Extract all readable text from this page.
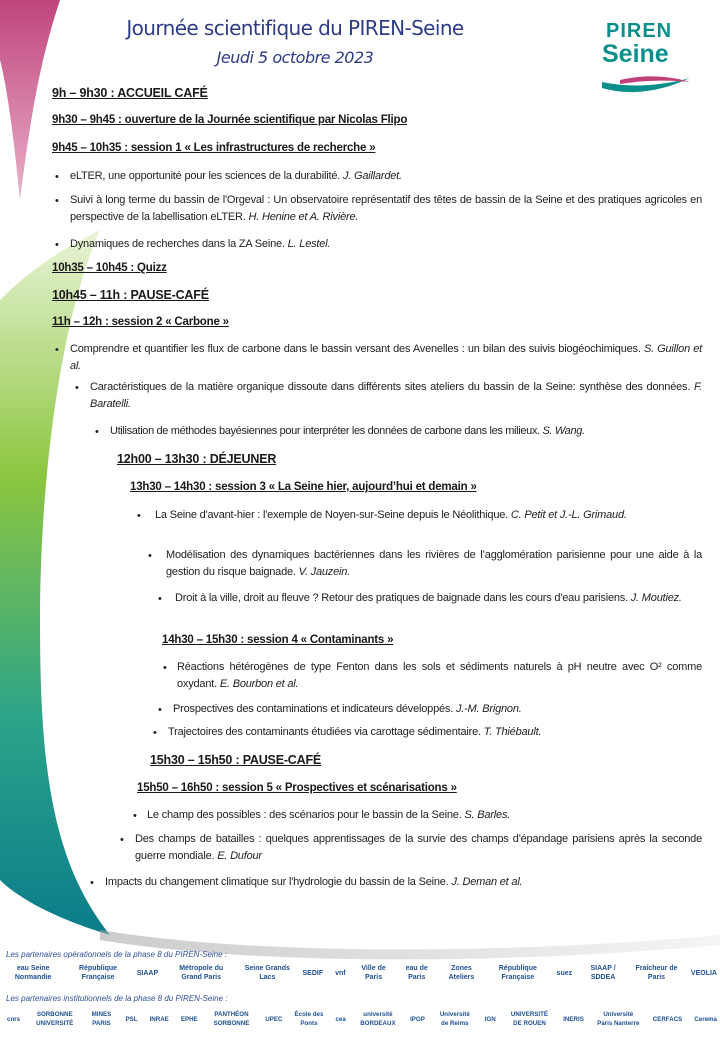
Journée scientifique du PIREN-Seine
Jeudi 5 octobre 2023
PIREN
Seine
9h – 9h30 : ACCUEIL CAFÉ
9h30 – 9h45 : ouverture de la Journée scientifique par Nicolas Flipo
9h45 – 10h35 : session 1 « Les infrastructures de recherche »
• eLTER, une opportunité pour les sciences de la durabilité. J. Gaillardet.
• Suivi à long terme du bassin de l'Orgeval : Un observatoire représentatif des têtes de bassin de la Seine et des pratiques agricoles en perspective de la labellisation eLTER. H. Henine et A. Rivière.
• Dynamiques de recherches dans la ZA Seine. L. Lestel.
10h35 – 10h45 : Quizz
10h45 – 11h : PAUSE-CAFÉ
11h – 12h : session 2 « Carbone »
• Comprendre et quantifier les flux de carbone dans le bassin versant des Avenelles : un bilan des suivis biogéochimiques. S. Guillon et al.
• Caractéristiques de la matière organique dissoute dans différents sites ateliers du bassin de la Seine: synthèse des données. F. Baratelli.
• Utilisation de méthodes bayésiennes pour interpréter les données de carbone dans les milieux. S. Wang.
12h00 – 13h30 : DÉJEUNER
13h30 – 14h30 : session 3 « La Seine hier, aujourd’hui et demain »
• La Seine d'avant-hier : l'exemple de Noyen-sur-Seine depuis le Néolithique. C. Petit et J.-L. Grimaud.
• Modélisation des dynamiques bactériennes dans les rivières de l’agglomération parisienne pour une aide à la gestion du risque baignade. V. Jauzein.
• Droit à la ville, droit au fleuve ? Retour des pratiques de baignade dans les cours d'eau parisiens. J. Moutiez.
14h30 – 15h30 : session 4 « Contaminants »
• Réactions hétérogènes de type Fenton dans les sols et sédiments naturels à pH neutre avec O² comme oxydant. E. Bourbon et al.
• Prospectives des contaminations et indicateurs développés. J.-M. Brignon.
• Trajectoires des contaminants étudiées via carottage sédimentaire. T. Thiébault.
15h30 – 15h50 : PAUSE-CAFÉ
15h50 – 16h50 : session 5 « Prospectives et scénarisations »
• Le champ des possibles : des scénarios pour le bassin de la Seine. S. Barles.
• Des champs de batailles : quelques apprentissages de la survie des champs d'épandage parisiens après la seconde guerre mondiale. E. Dufour
• Impacts du changement climatique sur l'hydrologie du bassin de la Seine. J. Deman et al.
Les partenaires opérationnels de la phase 8 du PIREN-Seine :
eau Seine Normandie
République Française
SIAAP
Métropole du Grand Paris
Seine Grands Lacs
SEDIF	vnf
Ville de Paris
eau de Paris
Zones Ateliers
République Française
suez
SIAAP / SDDEA
Fraîcheur de Paris
VEOLIA
Les partenaires institutionnels de la phase 8 du PIREN-Seine :
cnrs
SORBONNE UNIVERSITÉ
MINES PARIS
PSL	INRAE	EPHE
PANTHÉON SORBONNE
UPEC
École des Ponts
cea
université BORDEAUX
IPGP
Université de Reims
IGN
UNIVERSITÉ DE ROUEN
INERIS
Université Paris Nanterre
CERFACS	Cerema
